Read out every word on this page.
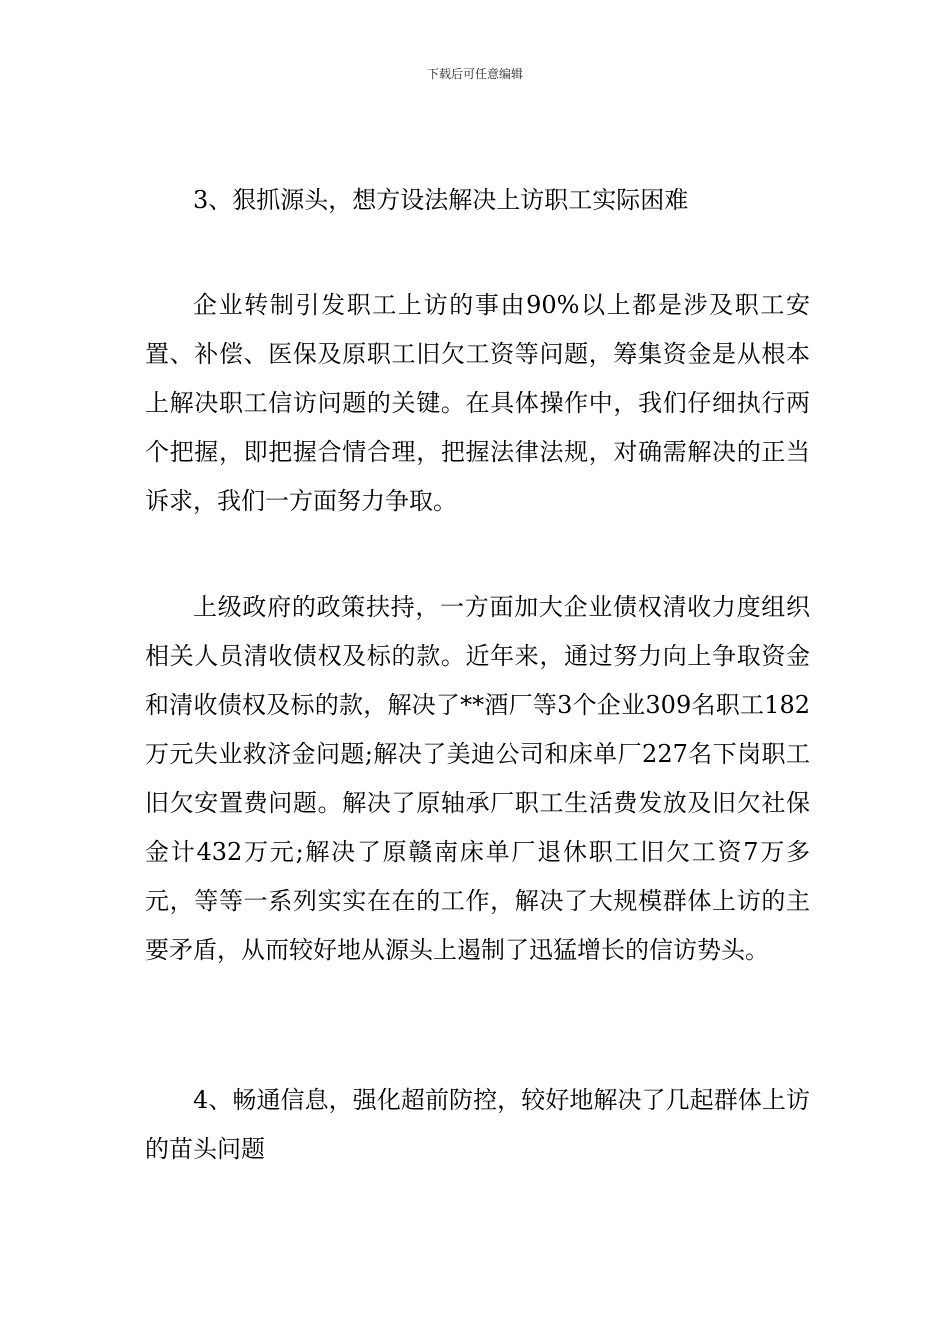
下载后可任意编辑

3、狠抓源头，想方设法解决上访职工实际困难

企业转制引发职工上访的事由90%以上都是涉及职工安置、补偿、医保及原职工旧欠工资等问题，筹集资金是从根本上解决职工信访问题的关键。在具体操作中，我们仔细执行两个把握，即把握合情合理，把握法律法规，对确需解决的正当诉求，我们一方面努力争取。

上级政府的政策扶持，一方面加大企业债权清收力度组织相关人员清收债权及标的款。近年来，通过努力向上争取资金和清收债权及标的款，解决了**酒厂等3个企业309名职工182万元失业救济金问题;解决了美迪公司和床单厂227名下岗职工旧欠安置费问题。解决了原轴承厂职工生活费发放及旧欠社保金计432万元;解决了原赣南床单厂退休职工旧欠工资7万多元，等等一系列实实在在的工作，解决了大规模群体上访的主要矛盾，从而较好地从源头上遏制了迅猛增长的信访势头。

4、畅通信息，强化超前防控，较好地解决了几起群体上访的苗头问题
